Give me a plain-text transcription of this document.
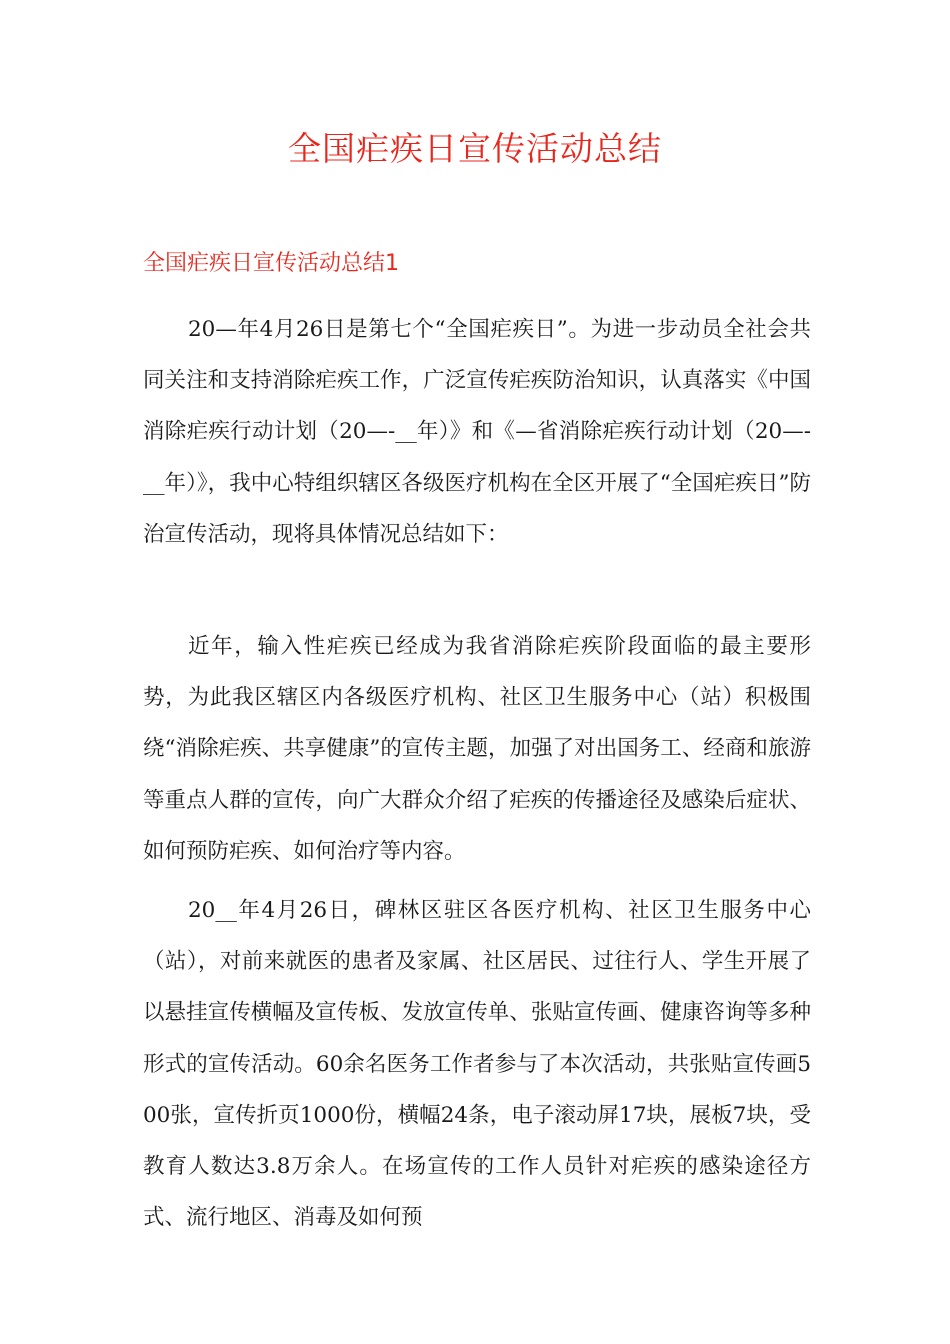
全国疟疾日宣传活动总结
全国疟疾日宣传活动总结1

20—年4月26日是第七个“全国疟疾日”。为进一步动员全社会共同关注和支持消除疟疾工作，广泛宣传疟疾防治知识，认真落实《中国消除疟疾行动计划（20—-__年）》和《—省消除疟疾行动计划（20—-__年）》，我中心特组织辖区各级医疗机构在全区开展了“全国疟疾日”防治宣传活动，现将具体情况总结如下：

近年，输入性疟疾已经成为我省消除疟疾阶段面临的最主要形势，为此我区辖区内各级医疗机构、社区卫生服务中心（站）积极围绕“消除疟疾、共享健康”的宣传主题，加强了对出国务工、经商和旅游等重点人群的宣传，向广大群众介绍了疟疾的传播途径及感染后症状、如何预防疟疾、如何治疗等内容。

20__年4月26日，碑林区驻区各医疗机构、社区卫生服务中心（站），对前来就医的患者及家属、社区居民、过往行人、学生开展了以悬挂宣传横幅及宣传板、发放宣传单、张贴宣传画、健康咨询等多种形式的宣传活动。60余名医务工作者参与了本次活动，共张贴宣传画500张，宣传折页1000份，横幅24条，电子滚动屏17块，展板7块，受教育人数达3.8万余人。在场宣传的工作人员针对疟疾的感染途径方式、流行地区、消毒及如何预
